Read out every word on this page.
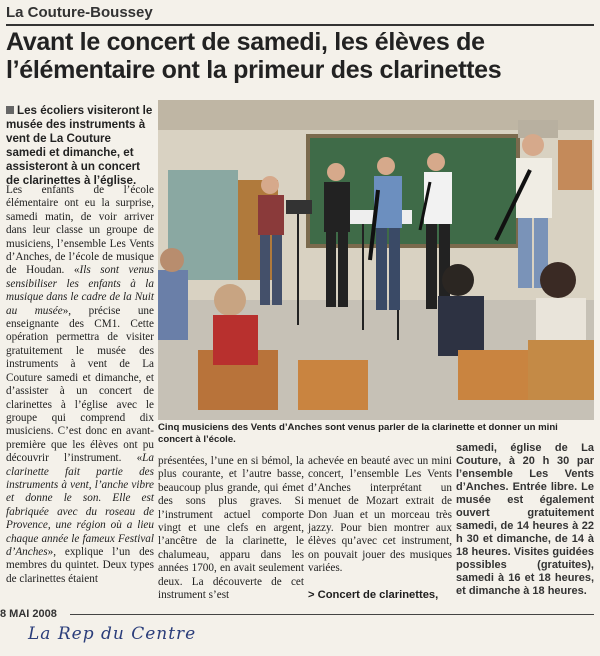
La Couture-Boussey
Avant le concert de samedi, les élèves de l’élémentaire ont la primeur des clarinettes
Les écoliers visiteront le musée des instruments à vent de La Couture samedi et dimanche, et assisteront à un concert de clarinettes à l’église.
Cinq musiciens des Vents d’Anches sont venus parler de la clarinette et donner un mini concert à l’école.

Les enfants de l’école élémentaire ont eu la surprise, samedi matin, de voir arriver dans leur classe un groupe de musiciens, l’ensemble Les Vents d’Anches, de l’école de musique de Houdan. «Ils sont venus sensibiliser les enfants à la musique dans le cadre de la Nuit au musée», précise une enseignante des CM1. Cette opération permettra de visiter gratuitement le musée des instruments à vent de La Couture samedi et dimanche, et d’assister à un concert de clarinettes à l’église avec le groupe qui comprend dix musiciens. C’est donc en avant-première que les élèves ont pu découvrir l’instrument. «La clarinette fait partie des instruments à vent, l’anche vibre et donne le son. Elle est fabriquée avec du roseau de Provence, une région où a lieu chaque année le fameux Festival d’Anches», explique l’un des membres du quintet. Deux types de clarinettes étaient

présentées, l’une en si bémol, la plus courante, et l’autre basse, beaucoup plus grande, qui émet des sons plus graves. Si l’instrument actuel comporte vingt et une clefs en argent, l’ancêtre de la clarinette, le chalumeau, apparu dans les années 1700, en avait seulement deux. La découverte de cet instrument s’est

achevée en beauté avec un mini concert, l’ensemble Les Vents d’Anches interprétant un menuet de Mozart extrait de Don Juan et un morceau très jazzy. Pour bien montrer aux élèves qu’avec cet instrument, on pouvait jouer des musiques variées.

> Concert de clarinettes,

samedi, église de La Couture, à 20 h 30 par l’ensemble Les Vents d’Anches. Entrée libre. Le musée est également ouvert gratuitement samedi, de 14 heures à 22 h 30 et dimanche, de 14 à 18 heures. Visites guidées possibles (gratuites), samedi à 16 et 18 heures, et dimanche à 18 heures.

8 MAI 2008
La Rep du Centre
